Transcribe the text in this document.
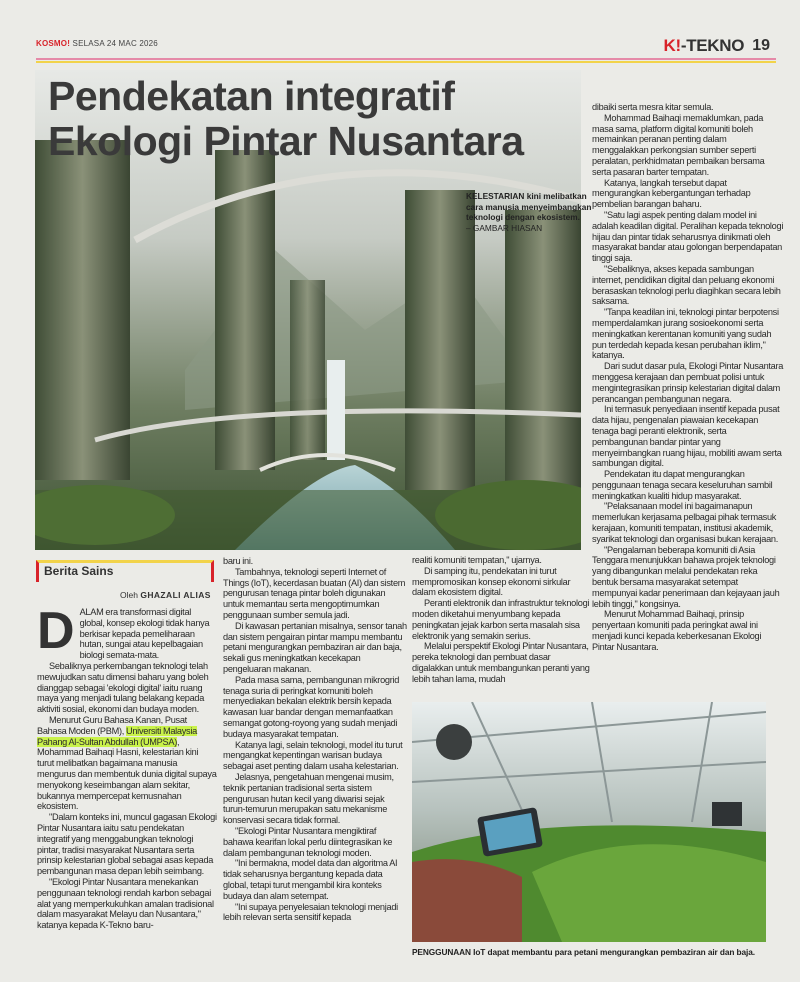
KOSMO! SELASA 24 MAC 2026	K!-TEKNO 19
Pendekatan integratif
Ekologi Pintar Nusantara
KELESTARIAN kini melibatkan cara manusia menyeimbangkan teknologi dengan ekosistem.
– GAMBAR HIASAN

dibaiki serta mesra kitar semula.

Mohammad Baihaqi memaklumkan, pada masa sama, platform digital komuniti boleh memainkan peranan penting dalam menggalakkan perkongsian sumber seperti peralatan, perkhidmatan pembaikan bersama serta pasaran barter tempatan.

Katanya, langkah tersebut dapat mengurangkan kebergantungan terhadap pembelian barangan baharu.

"Satu lagi aspek penting dalam model ini adalah keadilan digital. Peralihan kepada teknologi hijau dan pintar tidak seharusnya dinikmati oleh masyarakat bandar atau golongan berpendapatan tinggi saja.

"Sebaliknya, akses kepada sambungan internet, pendidikan digital dan peluang ekonomi berasaskan teknologi perlu diagihkan secara lebih saksama.

"Tanpa keadilan ini, teknologi pintar berpotensi memperdalamkan jurang sosioekonomi serta meningkatkan kerentanan komuniti yang sudah pun terdedah kepada kesan perubahan iklim," katanya.

Dari sudut dasar pula, Ekologi Pintar Nusantara menggesa kerajaan dan pembuat polisi untuk mengintegrasikan prinsip kelestarian digital dalam perancangan pembangunan negara.

Ini termasuk penyediaan insentif kepada pusat data hijau, pengenalan piawaian kecekapan tenaga bagi peranti elektronik, serta pembangunan bandar pintar yang menyeimbangkan ruang hijau, mobiliti awam serta sambungan digital.

Pendekatan itu dapat mengurangkan penggunaan tenaga secara keseluruhan sambil meningkatkan kualiti hidup masyarakat.

"Pelaksanaan model ini bagaimanapun memerlukan kerjasama pelbagai pihak termasuk kerajaan, komuniti tempatan, institusi akademik, syarikat teknologi dan organisasi bukan kerajaan.

"Pengalaman beberapa komuniti di Asia Tenggara menunjukkan bahawa projek teknologi yang dibangunkan melalui pendekatan reka bentuk bersama masyarakat setempat mempunyai kadar penerimaan dan kejayaan jauh lebih tinggi," kongsinya.

Menurut Mohammad Baihaqi, prinsip penyertaan komuniti pada peringkat awal ini menjadi kunci kepada keberkesanan Ekologi Pintar Nusantara.

Berita Sains
Oleh GHAZALI ALIAS

DALAM era transformasi digital global, konsep ekologi tidak hanya berkisar kepada pemeliharaan hutan, sungai atau kepelbagaian biologi semata-mata.

Sebaliknya perkembangan teknologi telah mewujudkan satu dimensi baharu yang boleh dianggap sebagai 'ekologi digital' iaitu ruang maya yang menjadi tulang belakang kepada aktiviti sosial, ekonomi dan budaya moden.

Menurut Guru Bahasa Kanan, Pusat Bahasa Moden (PBM), Universiti Malaysia Pahang Al-Sultan Abdullah (UMPSA), Mohammad Baihaqi Hasni, kelestarian kini turut melibatkan bagaimana manusia mengurus dan membentuk dunia digital supaya menyokong keseimbangan alam sekitar, bukannya mempercepat kemusnahan ekosistem.

"Dalam konteks ini, muncul gagasan Ekologi Pintar Nusantara iaitu satu pendekatan integratif yang menggabungkan teknologi pintar, tradisi masyarakat Nusantara serta prinsip kelestarian global sebagai asas kepada pembangunan masa depan lebih seimbang.

"Ekologi Pintar Nusantara menekankan penggunaan teknologi rendah karbon sebagai alat yang memperkukuhkan amalan tradisional dalam masyarakat Melayu dan Nusantara," katanya kepada K-Tekno baru-

baru ini.

Tambahnya, teknologi seperti Internet of Things (IoT), kecerdasan buatan (AI) dan sistem pengurusan tenaga pintar boleh digunakan untuk memantau serta mengoptimumkan penggunaan sumber semula jadi.

Di kawasan pertanian misalnya, sensor tanah dan sistem pengairan pintar mampu membantu petani mengurangkan pembaziran air dan baja, sekali gus meningkatkan kecekapan pengeluaran makanan.

Pada masa sama, pembangunan mikrogrid tenaga suria di peringkat komuniti boleh menyediakan bekalan elektrik bersih kepada kawasan luar bandar dengan memanfaatkan semangat gotong-royong yang sudah menjadi budaya masyarakat tempatan.

Katanya lagi, selain teknologi, model itu turut mengangkat kepentingan warisan budaya sebagai aset penting dalam usaha kelestarian.

Jelasnya, pengetahuan mengenai musim, teknik pertanian tradisional serta sistem pengurusan hutan kecil yang diwarisi sejak turun-temurun merupakan satu mekanisme konservasi secara tidak formal.

"Ekologi Pintar Nusantara mengiktiraf bahawa kearifan lokal perlu diintegrasikan ke dalam pembangunan teknologi moden.

"Ini bermakna, model data dan algoritma AI tidak seharusnya bergantung kepada data global, tetapi turut mengambil kira konteks budaya dan alam setempat.

"Ini supaya penyelesaian teknologi menjadi lebih relevan serta sensitif kepada

realiti komuniti tempatan," ujarnya.

Di samping itu, pendekatan ini turut mempromosikan konsep ekonomi sirkular dalam ekosistem digital.

Peranti elektronik dan infrastruktur teknologi moden diketahui menyumbang kepada peningkatan jejak karbon serta masalah sisa elektronik yang semakin serius.

Melalui perspektif Ekologi Pintar Nusantara, pereka teknologi dan pembuat dasar digalakkan untuk membangunkan peranti yang lebih tahan lama, mudah

PENGGUNAAN IoT dapat membantu para petani mengurangkan pembaziran air dan baja.
